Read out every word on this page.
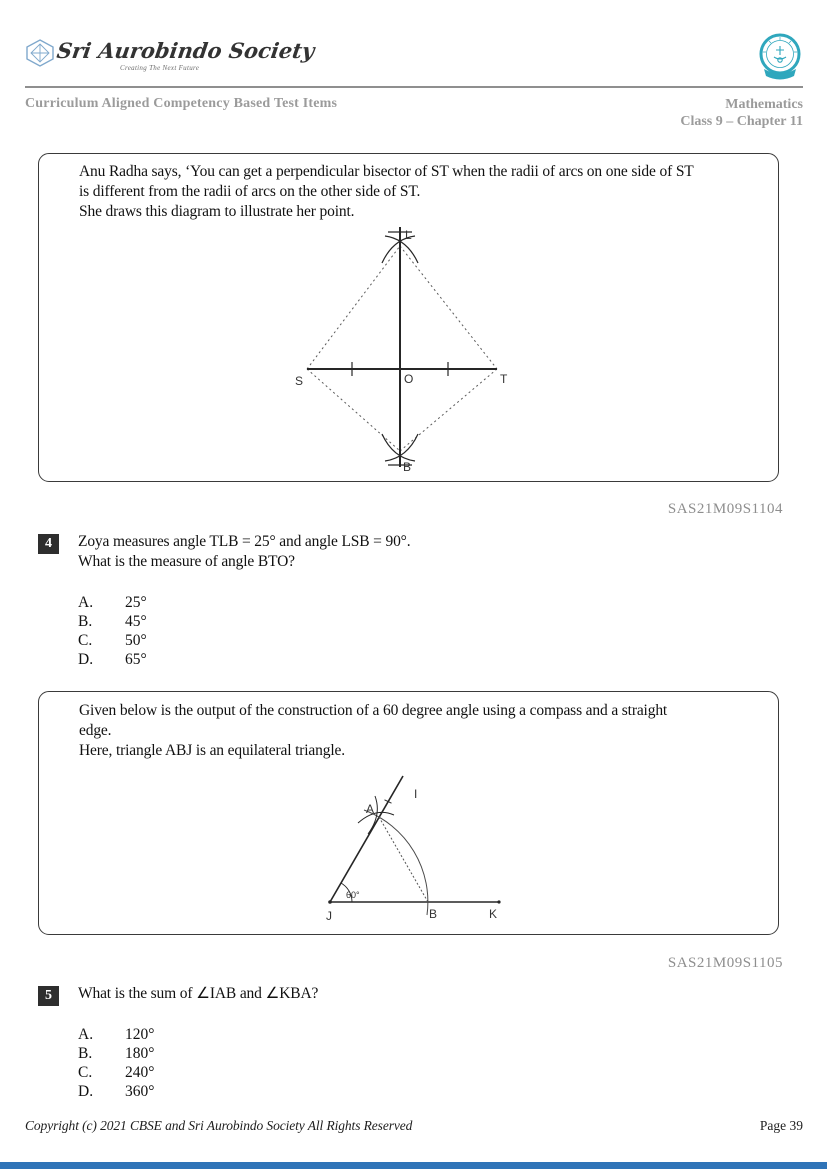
Sri Aurobindo Society
Creating The Next Future
Curriculum Aligned Competency Based Test Items	Mathematics
Class 9 – Chapter 11
Anu Radha says, ‘You can get a perpendicular bisector of ST when the radii of arcs on one side of ST
is different from the radii of arcs on the other side of ST.
She draws this diagram to illustrate her point.
L
S	O	T
B
SAS21M09S1104
4	Zoya measures angle TLB = 25° and angle LSB = 90°.
What is the measure of angle BTO?
A.	25°
B.	45°
C.	50°
D.	65°
Given below is the output of the construction of a 60 degree angle using a compass and a straight
edge.
Here, triangle ABJ is an equilateral triangle.
I
A
J	B	K
60°
SAS21M09S1105
5	What is the sum of ∠IAB and ∠KBA?
A.	120°
B.	180°
C.	240°
D.	360°
Copyright (c) 2021 CBSE and Sri Aurobindo Society All Rights Reserved	Page 39
